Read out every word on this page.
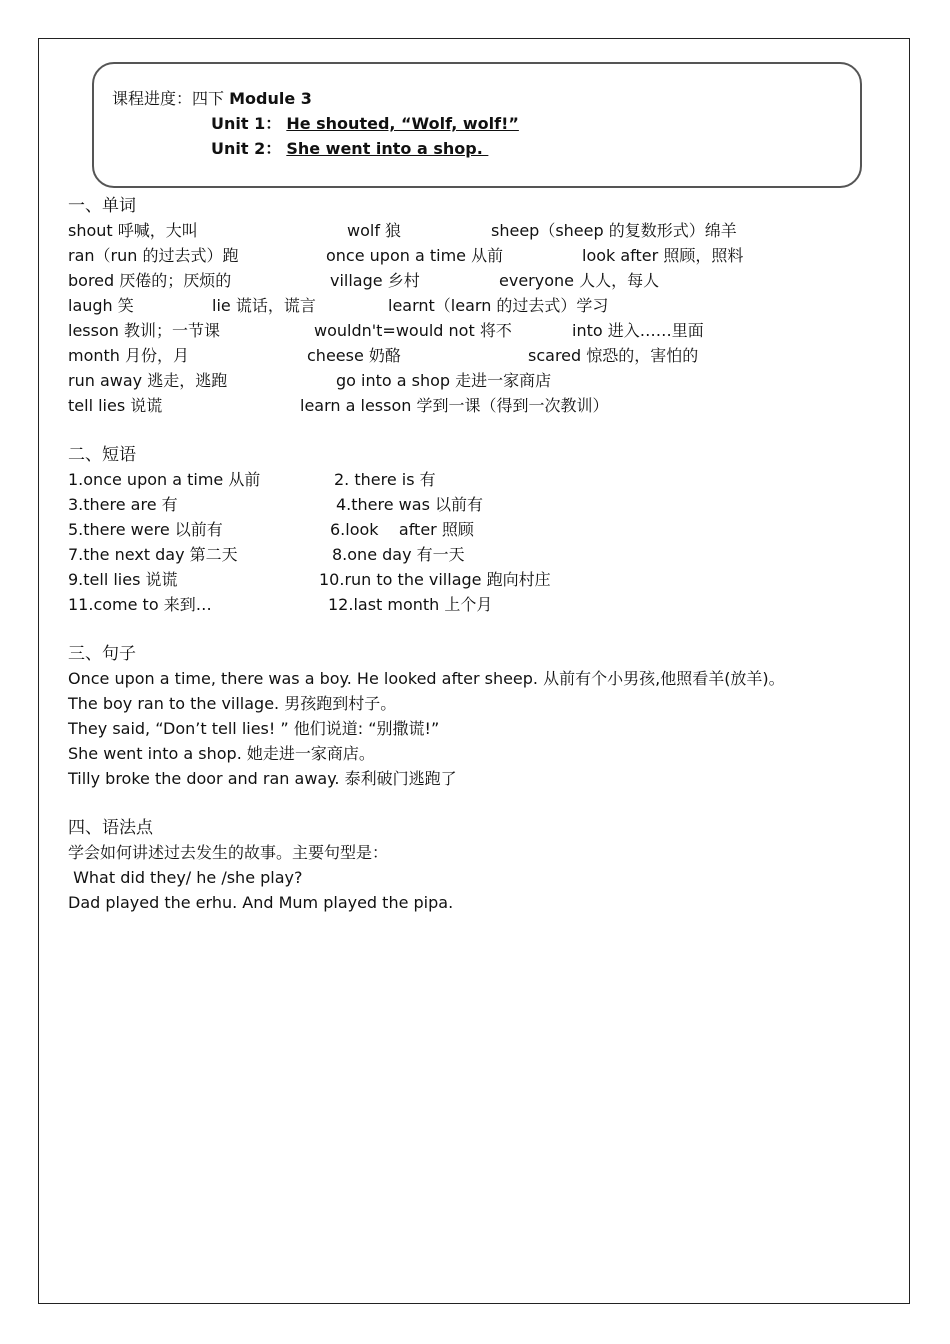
课程进度：四下 Module 3
Unit 1： He shouted, “Wolf, wolf!”
Unit 2： She went into a shop.
一、单词
shout 呼喊，大叫	wolf 狼	sheep（sheep 的复数形式）绵羊
ran（run 的过去式）跑	once upon a time 从前	look after 照顾，照料
bored 厌倦的；厌烦的	village 乡村	everyone 人人，每人
laugh 笑	lie 谎话，谎言	learnt（learn 的过去式）学习
lesson 教训；一节课	wouldn't=would not 将不	into 进入……里面
month 月份，月	cheese 奶酪	scared 惊恐的，害怕的
run away 逃走，逃跑	go into a shop 走进一家商店
tell lies 说谎	learn a lesson 学到一课（得到一次教训）
二、短语
1.once upon a time 从前	2. there is 有
3.there are 有	4.there was 以前有
5.there were 以前有	6.look    after 照顾
7.the next day 第二天	8.one day 有一天
9.tell lies 说谎	10.run to the village 跑向村庄
11.come to 来到…	12.last month 上个月
三、句子
Once upon a time, there was a boy. He looked after sheep. 从前有个小男孩,他照看羊(放羊)。
The boy ran to the village. 男孩跑到村子。
They said, “Don’t tell lies! ” 他们说道: “别撒谎!”
She went into a shop. 她走进一家商店。
Tilly broke the door and ran away. 泰利破门逃跑了
四、语法点
学会如何讲述过去发生的故事。主要句型是：
What did they/ he /she play?
Dad played the erhu. And Mum played the pipa.
